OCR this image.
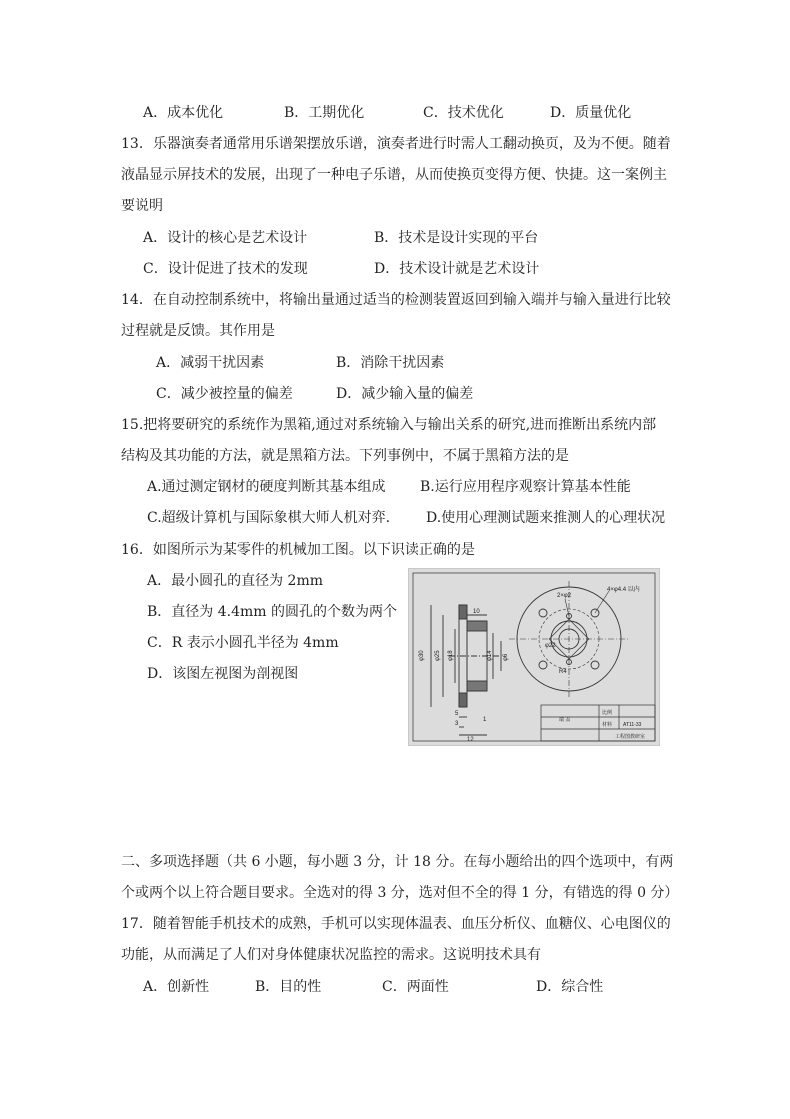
A．成本优化	B．工期优化	C．技术优化	D．质量优化
13．乐器演奏者通常用乐谱架摆放乐谱，演奏者进行时需人工翻动换页，及为不便。随着
液晶显示屏技术的发展，出现了一种电子乐谱，从而使换页变得方便、快捷。这一案例主
要说明
A．设计的核心是艺术设计	B．技术是设计实现的平台
C．设计促进了技术的发现	D．技术设计就是艺术设计
14．在自动控制系统中，将输出量通过适当的检测装置返回到输入端并与输入量进行比较
过程就是反馈。其作用是
A．减弱干扰因素	B．消除干扰因素
C．减少被控量的偏差	D．减少输入量的偏差
15.把将要研究的系统作为黑箱,通过对系统输入与输出关系的研究,进而推断出系统内部
结构及其功能的方法，就是黑箱方法。下列事例中，不属于黑箱方法的是
A.通过测定钢材的硬度判断其基本组成 B.运行应用程序观察计算基本性能
C.超级计算机与国际象棋大师人机对弈.	D.使用心理测试题来推测人的心理状况
16．如图所示为某零件的机械加工图。以下识读正确的是
A．最小圆孔的直径为 2mm
B．直径为 4.4mm 的圆孔的个数为两个
C．R 表示小圆孔半径为 4mm
D．该图左视图为剖视图
φ30 φ25 φ18	φ14 φ6
10
5
3
12
1
4×φ4.4 以内
2×φ2
φ22
R4
端 盖
比例
材料 AT11-33
工程图教研室
二、多项选择题（共 6 小题，每小题 3 分，计 18 分。在每小题给出的四个选项中，有两
个或两个以上符合题目要求。全选对的得 3 分，选对但不全的得 1 分，有错选的得 0 分）
17．随着智能手机技术的成熟，手机可以实现体温表、血压分析仪、血糖仪、心电图仪的
功能，从而满足了人们对身体健康状况监控的需求。这说明技术具有
A．创新性	B．目的性	C．两面性	D．综合性
